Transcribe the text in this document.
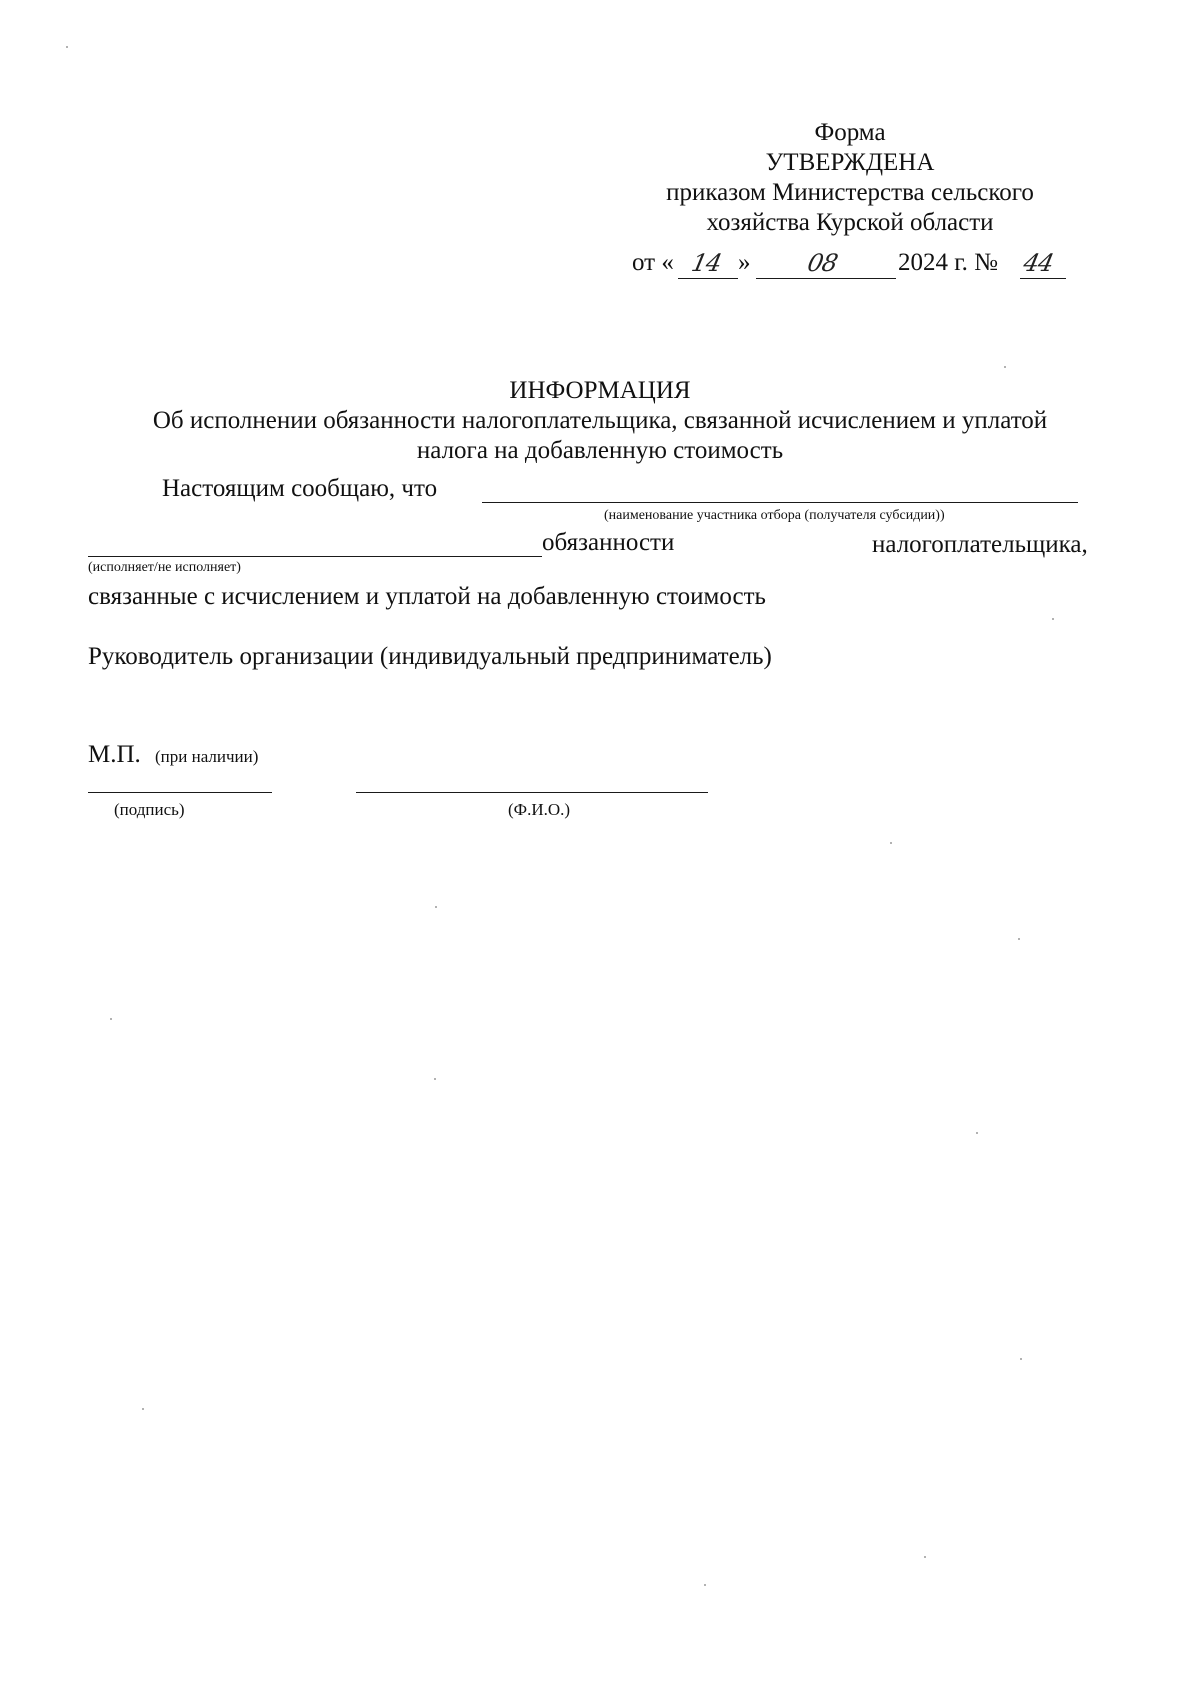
Форма
УТВЕРЖДЕНА
приказом Министерства сельского
хозяйства Курской области
от « 14 » 08 2024 г. № 44
ИНФОРМАЦИЯ
Об исполнении обязанности налогоплательщика, связанной исчислением и уплатой
налога на добавленную стоимость
Настоящим сообщаю, что
(наименование участника отбора (получателя субсидии))
обязанности	налогоплательщика,
(исполняет/не исполняет)
связанные с исчислением и уплатой на добавленную стоимость
Руководитель организации (индивидуальный предприниматель)
М.П. (при наличии)
(подпись)	(Ф.И.О.)
